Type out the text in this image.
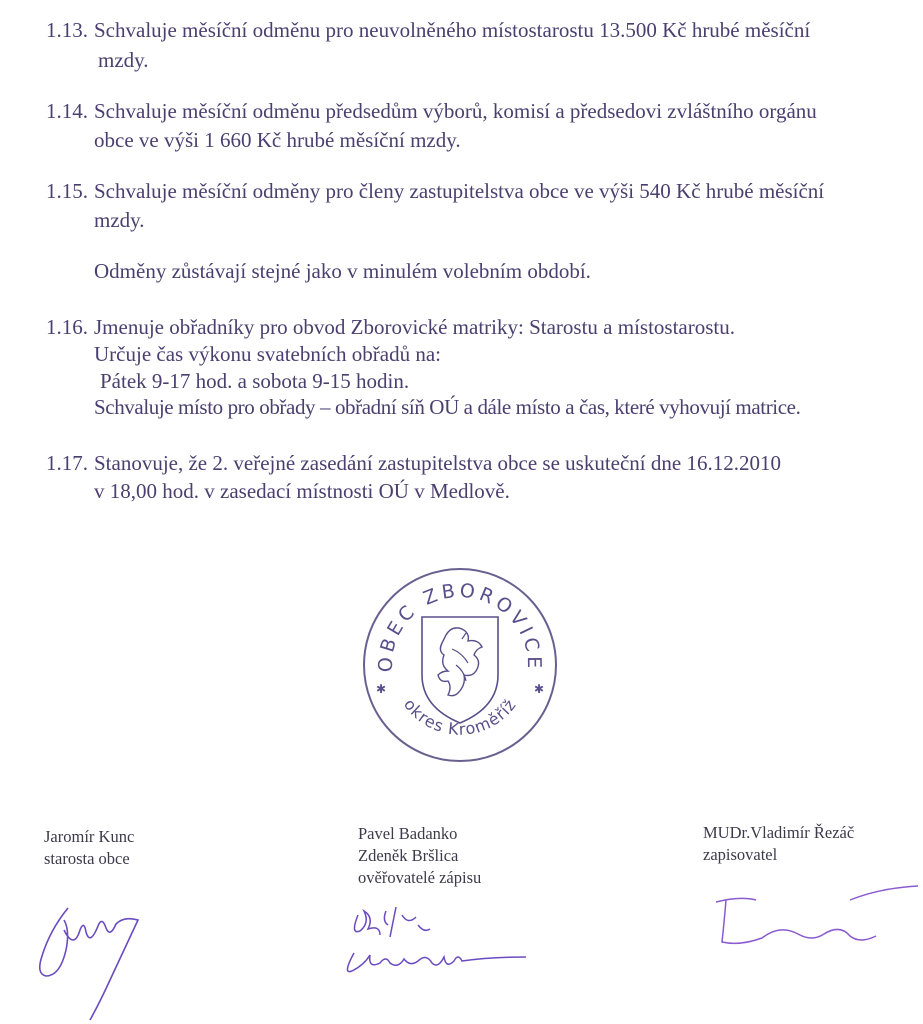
1.13. Schvaluje měsíční odměnu pro neuvolněného místostarostu 13.500 Kč hrubé měsíční
mzdy.
1.14. Schvaluje měsíční odměnu předsedům výborů, komisí a předsedovi zvláštního orgánu
obce ve výši 1 660 Kč hrubé měsíční mzdy.
1.15. Schvaluje měsíční odměny pro členy zastupitelstva obce ve výši 540 Kč hrubé měsíční
mzdy.
Odměny zůstávají stejné jako v minulém volebním období.
1.16. Jmenuje obřadníky pro obvod Zborovické matriky: Starostu a místostarostu.
Určuje čas výkonu svatebních obřadů na:
Pátek 9-17 hod. a sobota 9-15 hodin.
Schvaluje místo pro obřady – obřadní síň OÚ a dále místo a čas, které vyhovují matrice.
1.17. Stanovuje, že 2. veřejné zasedání zastupitelstva obce se uskuteční dne 16.12.2010
v 18,00 hod. v zasedací místnosti OÚ v Medlově.
OBEC ZBOROVICE
okres Kroměříž
✱	✱
Jaromír Kunc
starosta obce
Pavel Badanko
Zdeněk Bršlica
ověřovatelé zápisu
MUDr.Vladimír Řezáč
zapisovatel
